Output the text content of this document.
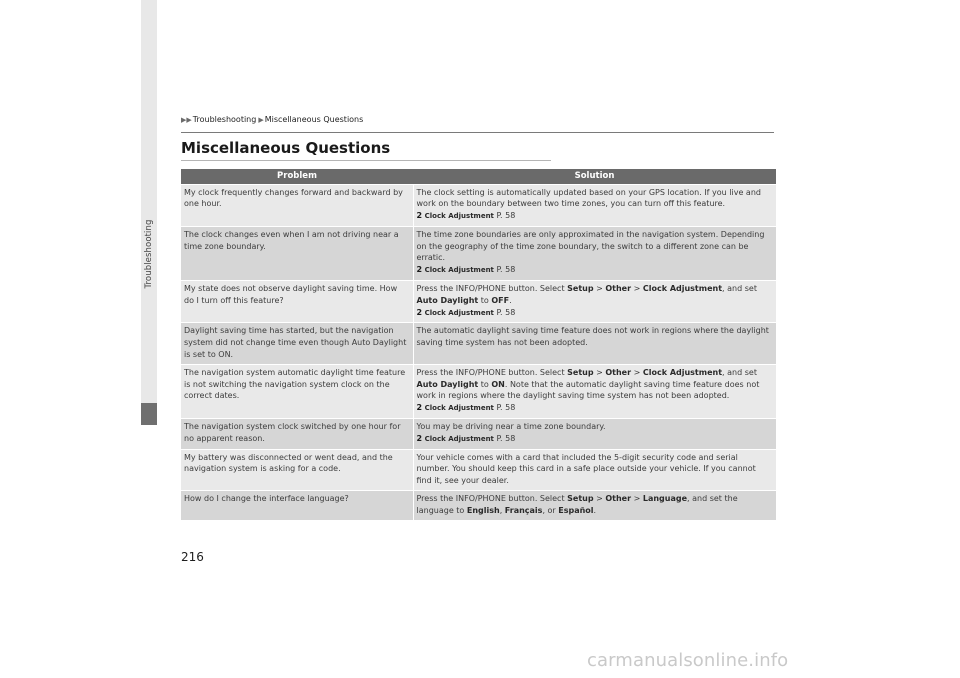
Troubleshooting
▶▶ Troubleshooting ▶ Miscellaneous Questions
Miscellaneous Questions
Problem	Solution
My clock frequently changes forward and backward by one hour.	The clock setting is automatically updated based on your GPS location. If you live and work on the boundary between two time zones, you can turn off this feature.
2 Clock Adjustment P. 58

The clock changes even when I am not driving near a time zone boundary.	The time zone boundaries are only approximated in the navigation system. Depending on the geography of the time zone boundary, the switch to a different zone can be erratic.
2 Clock Adjustment P. 58

My state does not observe daylight saving time. How do I turn off this feature?	Press the INFO/PHONE button. Select Setup > Other > Clock Adjustment, and set Auto Daylight to OFF.
2 Clock Adjustment P. 58

Daylight saving time has started, but the navigation system did not change time even though Auto Daylight is set to ON.	The automatic daylight saving time feature does not work in regions where the daylight saving time system has not been adopted.

The navigation system automatic daylight time feature is not switching the navigation system clock on the correct dates.	Press the INFO/PHONE button. Select Setup > Other > Clock Adjustment, and set Auto Daylight to ON. Note that the automatic daylight saving time feature does not work in regions where the daylight saving time system has not been adopted.
2 Clock Adjustment P. 58

The navigation system clock switched by one hour for no apparent reason.	You may be driving near a time zone boundary.
2 Clock Adjustment P. 58

My battery was disconnected or went dead, and the navigation system is asking for a code.	Your vehicle comes with a card that included the 5-digit security code and serial number. You should keep this card in a safe place outside your vehicle. If you cannot find it, see your dealer.

How do I change the interface language?	Press the INFO/PHONE button. Select Setup > Other > Language, and set the language to English, Français, or Español.
216
carmanualsonline.info
